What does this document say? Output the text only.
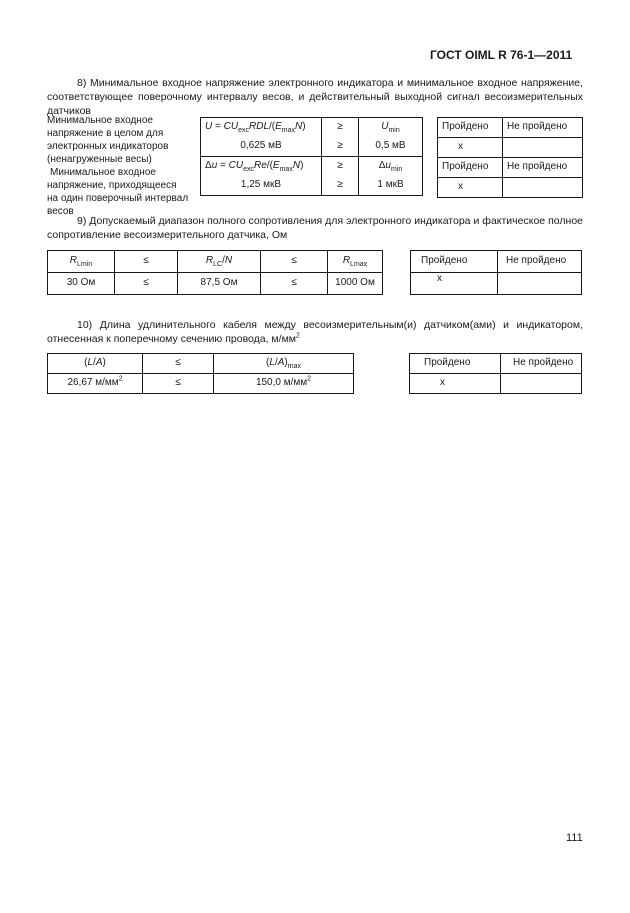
ГОСТ OIML R 76-1—2011

8) Минимальное входное напряжение электронного индикатора и минимальное входное напряжение, соответствующее поверочному интервалу весов, и действительный выходной сигнал весоизмерительных датчиков

Минимальное входное напряжение в целом для электронных индикаторов (ненагруженные весы)

Минимальное входное напряжение, приходящееся на один поверочный интервал весов

$U = CU_{exc}RDL/(E_{max}N)$	≥	$U_{min}$
0,625 мВ	≥	0,5 мВ
$\Delta u = CU_{exc}Re/(E_{max}N)$	≥	$\Delta u_{min}$
1,25 мкВ	≥	1 мкВ
Пройдено	Не пройдено
x	
Пройдено	Не пройдено
x	

9) Допускаемый диапазон полного сопротивления для электронного индикатора и фактическое полное сопротивление весоизмерительного датчика, Ом

$R_{Lmin}$	≤	$R_{LC}/N$	≤	$R_{Lmax}$
30 Ом	≤	87,5 Ом	≤	1000 Ом
Пройдено	Не пройдено
x	

10) Длина удлинительного кабеля между весоизмерительным(и) датчиком(ами) и индикатором, отнесенная к поперечному сечению провода, $м/мм^2$

(L/A)	≤	$(L/A)_{max}$
26,67 $м/мм^2$	≤	150,0 $м/мм^2$
Пройдено	Не пройдено
x	
111
